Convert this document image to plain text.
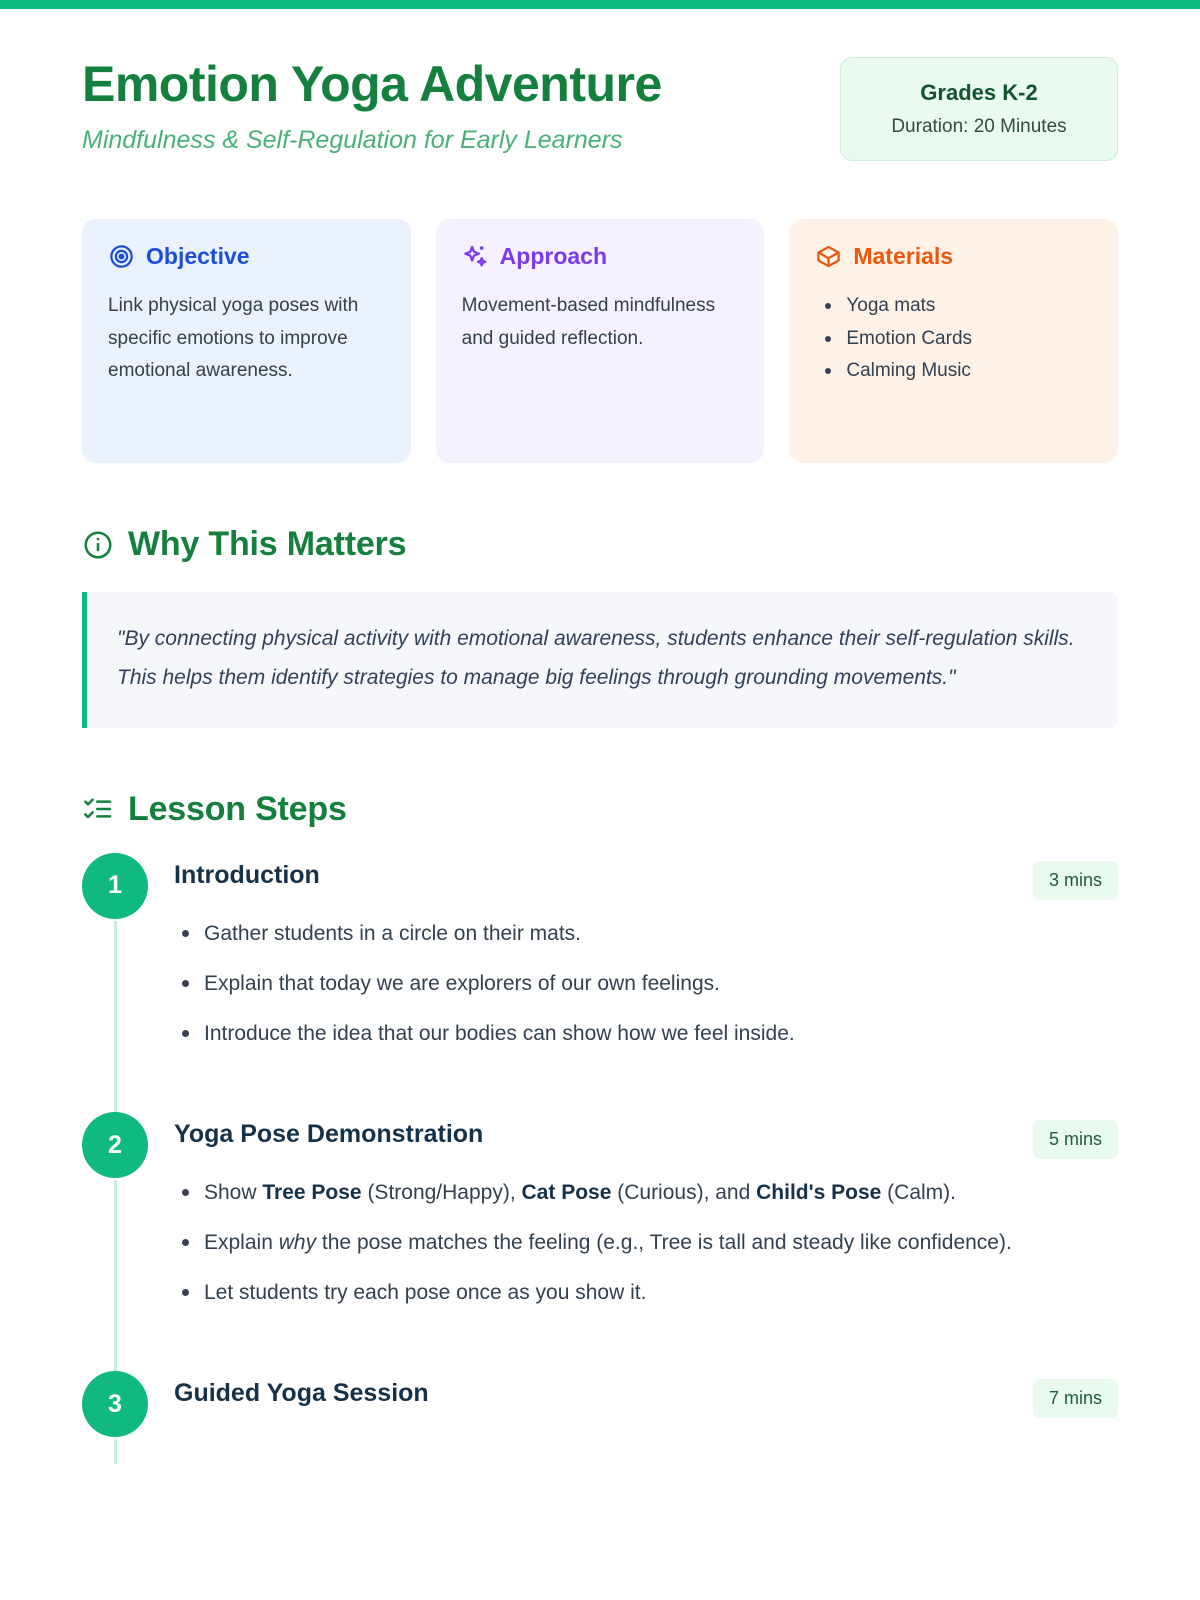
Emotion Yoga Adventure
Mindfulness & Self-Regulation for Early Learners
Grades K-2
Duration: 20 Minutes
Objective
Link physical yoga poses with specific emotions to improve emotional awareness.
Approach
Movement-based mindfulness and guided reflection.
Materials
Yoga mats
Emotion Cards
Calming Music
Why This Matters

"By connecting physical activity with emotional awareness, students enhance their self-regulation skills. This helps them identify strategies to manage big feelings through grounding movements."

Lesson Steps
1	Introduction	3 mins
Gather students in a circle on their mats.
Explain that today we are explorers of our own feelings.
Introduce the idea that our bodies can show how we feel inside.
2	Yoga Pose Demonstration	5 mins
Show Tree Pose (Strong/Happy), Cat Pose (Curious), and Child's Pose (Calm).
Explain why the pose matches the feeling (e.g., Tree is tall and steady like confidence).
Let students try each pose once as you show it.
3	Guided Yoga Session	7 mins
